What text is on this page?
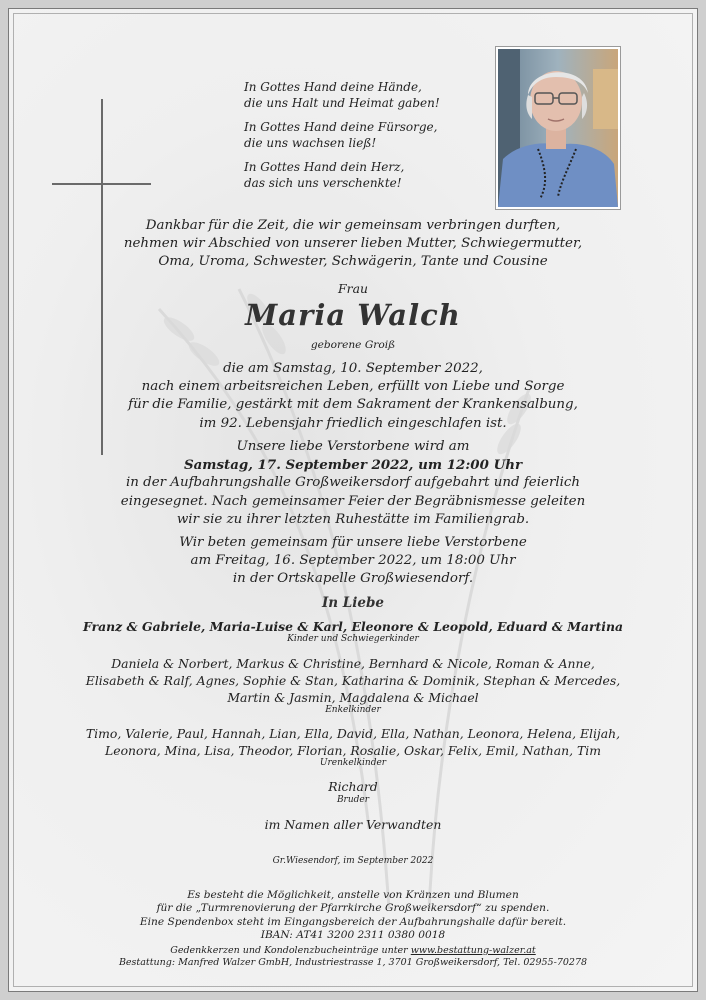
In Gottes Hand deine Hände,
die uns Halt und Heimat gaben!

In Gottes Hand deine Fürsorge,
die uns wachsen ließ!

In Gottes Hand dein Herz,
das sich uns verschenkte!

Dankbar für die Zeit, die wir gemeinsam verbringen durften,
nehmen wir Abschied von unserer lieben Mutter, Schwiegermutter,
Oma, Uroma, Schwester, Schwägerin, Tante und Cousine
Frau
Maria Walch
geborene Groiß
die am Samstag, 10. September 2022,
nach einem arbeitsreichen Leben, erfüllt von Liebe und Sorge
für die Familie, gestärkt mit dem Sakrament der Krankensalbung,
im 92. Lebensjahr friedlich eingeschlafen ist.
Unsere liebe Verstorbene wird am
Samstag, 17. September 2022, um 12:00 Uhr
in der Aufbahrungshalle Großweikersdorf aufgebahrt und feierlich
eingesegnet. Nach gemeinsamer Feier der Begräbnismesse geleiten
wir sie zu ihrer letzten Ruhestätte im Familiengrab.
Wir beten gemeinsam für unsere liebe Verstorbene
am Freitag, 16. September 2022, um 18:00 Uhr
in der Ortskapelle Großwiesendorf.
In Liebe
Franz & Gabriele, Maria-Luise & Karl, Eleonore & Leopold, Eduard & Martina
Kinder und Schwiegerkinder
Daniela & Norbert, Markus & Christine, Bernhard & Nicole, Roman & Anne,
Elisabeth & Ralf, Agnes, Sophie & Stan, Katharina & Dominik, Stephan & Mercedes,
Martin & Jasmin, Magdalena & Michael
Enkelkinder
Timo, Valerie, Paul, Hannah, Lian, Ella, David, Ella, Nathan, Leonora, Helena, Elijah,
Leonora, Mina, Lisa, Theodor, Florian, Rosalie, Oskar, Felix, Emil, Nathan, Tim
Urenkelkinder
Richard
Bruder
im Namen aller Verwandten
Gr.Wiesendorf, im September 2022
Es besteht die Möglichkeit, anstelle von Kränzen und Blumen
für die „Turmrenovierung der Pfarrkirche Großweikersdorf“ zu spenden.
Eine Spendenbox steht im Eingangsbereich der Aufbahrungshalle dafür bereit.
IBAN: AT41 3200 2311 0380 0018
Gedenkkerzen und Kondolenzbucheinträge unter www.bestattung-walzer.at
Bestattung: Manfred Walzer GmbH, Industriestrasse 1, 3701 Großweikersdorf, Tel. 02955-70278
